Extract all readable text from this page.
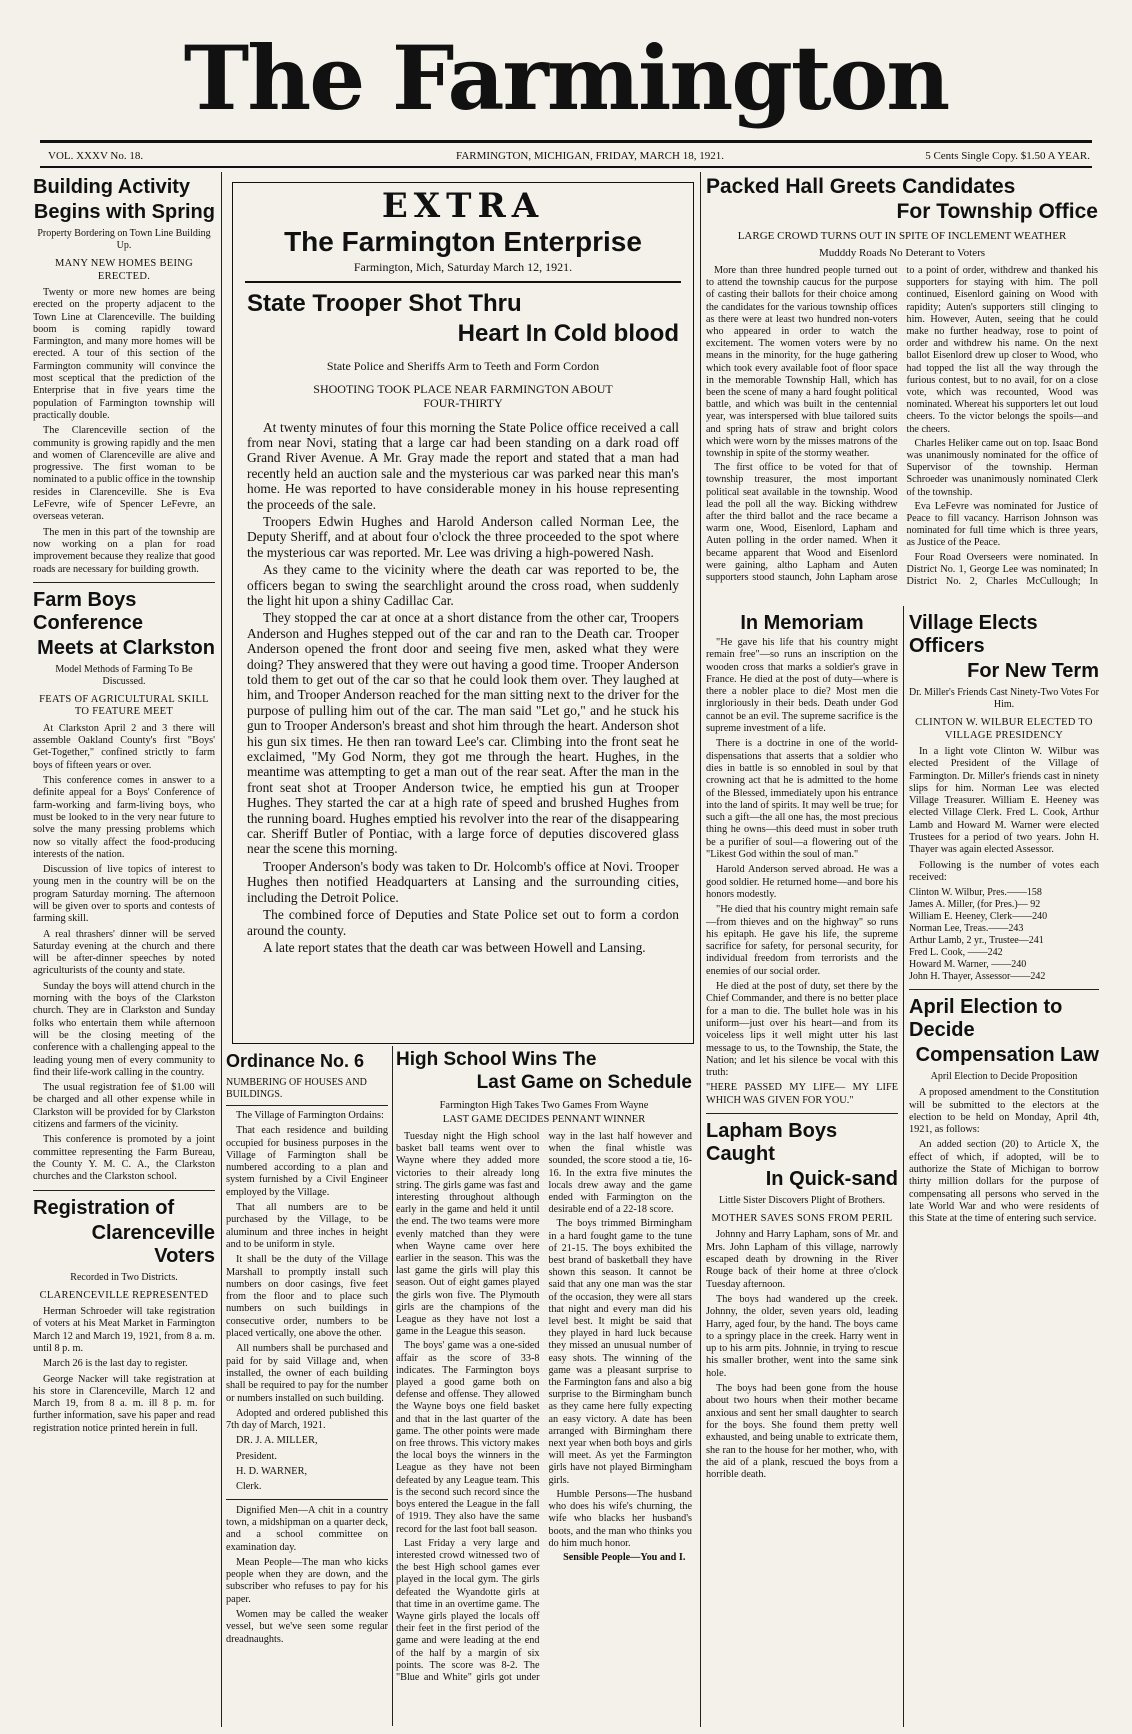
The Farmington
VOL. XXXV No. 18.	FARMINGTON, MICHIGAN, FRIDAY, MARCH 18, 1921.	5 Cents Single Copy. $1.50 A YEAR.
Building Activity
Begins with Spring

Property Bordering on Town Line Building Up.

MANY NEW HOMES BEING ERECTED.

Twenty or more new homes are being erected on the property adjacent to the Town Line at Clarenceville. The building boom is coming rapidly toward Farmington, and many more homes will be erected. A tour of this section of the Farmington community will convince the most sceptical that the prediction of the Enterprise that in five years time the population of Farmington township will practically double.

The Clarenceville section of the community is growing rapidly and the men and women of Clarenceville are alive and progressive. The first woman to be nominated to a public office in the township resides in Clarenceville. She is Eva LeFevre, wife of Spencer LeFevre, an overseas veteran.

The men in this part of the township are now working on a plan for road improvement because they realize that good roads are necessary for building growth.

Farm Boys Conference
Meets at Clarkston

Model Methods of Farming To Be Discussed.

FEATS OF AGRICULTURAL SKILL TO FEATURE MEET

At Clarkston April 2 and 3 there will assemble Oakland County's first "Boys' Get-Together," confined strictly to farm boys of fifteen years or over.

This conference comes in answer to a definite appeal for a Boys' Conference of farm-working and farm-living boys, who must be looked to in the very near future to solve the many pressing problems which now so vitally affect the food-producing interests of the nation.

Discussion of live topics of interest to young men in the country will be on the program Saturday morning. The afternoon will be given over to sports and contests of farming skill.

A real thrashers' dinner will be served Saturday evening at the church and there will be after-dinner speeches by noted agriculturists of the county and state.

Sunday the boys will attend church in the morning with the boys of the Clarkston church. They are in Clarkston and Sunday folks who entertain them while afternoon will be the closing meeting of the conference with a challenging appeal to the leading young men of every community to find their life-work calling in the country.

The usual registration fee of $1.00 will be charged and all other expense while in Clarkston will be provided for by Clarkston citizens and farmers of the vicinity.

This conference is promoted by a joint committee representing the Farm Bureau, the County Y. M. C. A., the Clarkston churches and the Clarkston school.

Registration of
Clarenceville Voters

Recorded in Two Districts.

CLARENCEVILLE REPRESENTED

Herman Schroeder will take registration of voters at his Meat Market in Farmington March 12 and March 19, 1921, from 8 a. m. until 8 p. m.

March 26 is the last day to register.

George Nacker will take registration at his store in Clarenceville, March 12 and March 19, from 8 a. m. ill 8 p. m. for further information, save his paper and read registration notice printed herein in full.

EXTRA
The Farmington Enterprise
Farmington, Mich, Saturday March 12, 1921.
State Trooper Shot Thru
Heart In Cold blood
State Police and Sheriffs Arm to Teeth and Form Cordon
SHOOTING TOOK PLACE NEAR FARMINGTON ABOUT FOUR-THIRTY

At twenty minutes of four this morning the State Police office received a call from near Novi, stating that a large car had been standing on a dark road off Grand River Avenue. A Mr. Gray made the report and stated that a man had recently held an auction sale and the mysterious car was parked near this man's home. He was reported to have considerable money in his house representing the proceeds of the sale.

Troopers Edwin Hughes and Harold Anderson called Norman Lee, the Deputy Sheriff, and at about four o'clock the three proceeded to the spot where the mysterious car was reported. Mr. Lee was driving a high-powered Nash.

As they came to the vicinity where the death car was reported to be, the officers began to swing the searchlight around the cross road, when suddenly the light hit upon a shiny Cadillac Car.

They stopped the car at once at a short distance from the other car, Troopers Anderson and Hughes stepped out of the car and ran to the Death car. Trooper Anderson opened the front door and seeing five men, asked what they were doing? They answered that they were out having a good time. Trooper Anderson told them to get out of the car so that he could look them over. They laughed at him, and Trooper Anderson reached for the man sitting next to the driver for the purpose of pulling him out of the car. The man said "Let go," and he stuck his gun to Trooper Anderson's breast and shot him through the heart. Anderson shot his gun six times. He then ran toward Lee's car. Climbing into the front seat he exclaimed, "My God Norm, they got me through the heart. Hughes, in the meantime was attempting to get a man out of the rear seat. After the man in the front seat shot at Trooper Anderson twice, he emptied his gun at Trooper Hughes. They started the car at a high rate of speed and brushed Hughes from the running board. Hughes emptied his revolver into the rear of the disappearing car. Sheriff Butler of Pontiac, with a large force of deputies discovered glass near the scene this morning.

Trooper Anderson's body was taken to Dr. Holcomb's office at Novi. Trooper Hughes then notified Headquarters at Lansing and the surrounding cities, including the Detroit Police.

The combined force of Deputies and State Police set out to form a cordon around the county.

A late report states that the death car was between Howell and Lansing.

Ordinance No. 6

NUMBERING OF HOUSES AND BUILDINGS.

The Village of Farmington Ordains:

That each residence and building occupied for business purposes in the Village of Farmington shall be numbered according to a plan and system furnished by a Civil Engineer employed by the Village.

That all numbers are to be purchased by the Village, to be aluminum and three inches in height and to be uniform in style.

It shall be the duty of the Village Marshall to promptly install such numbers on door casings, five feet from the floor and to place such numbers on such buildings in consecutive order, numbers to be placed vertically, one above the other.

All numbers shall be purchased and paid for by said Village and, when installed, the owner of each building shall be required to pay for the number or numbers installed on such building.

Adopted and ordered published this 7th day of March, 1921.

DR. J. A. MILLER,

President.

H. D. WARNER,

Clerk.

Dignified Men—A chit in a country town, a midshipman on a quarter deck, and a school committee on examination day.

Mean People—The man who kicks people when they are down, and the subscriber who refuses to pay for his paper.

Women may be called the weaker vessel, but we've seen some regular dreadnaughts.

High School Wins The
Last Game on Schedule
Farmington High Takes Two Games From Wayne
LAST GAME DECIDES PENNANT WINNER

Tuesday night the High school basket ball teams went over to Wayne where they added more victories to their already long string. The girls game was fast and interesting throughout although early in the game and held it until the end. The two teams were more evenly matched than they were when Wayne came over here earlier in the season. This was the last game the girls will play this season. Out of eight games played the girls won five. The Plymouth girls are the champions of the League as they have not lost a game in the League this season.

The boys' game was a one-sided affair as the score of 33-8 indicates. The Farmington boys played a good game both on defense and offense. They allowed the Wayne boys one field basket and that in the last quarter of the game. The other points were made on free throws. This victory makes the local boys the winners in the League as they have not been defeated by any League team. This is the second such record since the boys entered the League in the fall of 1919. They also have the same record for the last foot ball season.

Last Friday a very large and interested crowd witnessed two of the best High school games ever played in the local gym. The girls defeated the Wyandotte girls at that time in an overtime game. The Wayne girls played the locals off their feet in the first period of the game and were leading at the end of the half by a margin of six points. The score was 8-2. The "Blue and White" girls got under way in the last half however and when the final whistle was sounded, the score stood a tie, 16-16. In the extra five minutes the locals drew away and the game ended with Farmington on the desirable end of a 22-18 score.

The boys trimmed Birmingham in a hard fought game to the tune of 21-15. The boys exhibited the best brand of basketball they have shown this season. It cannot be said that any one man was the star of the occasion, they were all stars that night and every man did his level best. It might be said that they played in hard luck because they missed an unusual number of easy shots. The winning of the game was a pleasant surprise to the Farmington fans and also a big surprise to the Birmingham bunch as they came here fully expecting an easy victory. A date has been arranged with Birmingham there next year when both boys and girls will meet. As yet the Farmington girls have not played Birmingham girls.

Humble Persons—The husband who does his wife's churning, the wife who blacks her husband's boots, and the man who thinks you do him much honor.

Sensible People—You and I.

Packed Hall Greets Candidates
For Township Office
LARGE CROWD TURNS OUT IN SPITE OF INCLEMENT WEATHER
Mudddy Roads No Deterant to Voters

More than three hundred people turned out to attend the township caucus for the purpose of casting their ballots for their choice among the candidates for the various township offices as there were at least two hundred non-voters who appeared in order to watch the excitement. The women voters were by no means in the minority, for the huge gathering which took every available foot of floor space in the memorable Township Hall, which has been the scene of many a hard fought political battle, and which was built in the centennial year, was interspersed with blue tailored suits and spring hats of straw and bright colors which were worn by the misses matrons of the township in spite of the stormy weather.

The first office to be voted for that of township treasurer, the most important political seat available in the township. Wood lead the poll all the way. Bicking withdrew after the third ballot and the race became a warm one, Wood, Eisenlord, Lapham and Auten polling in the order named. When it became apparent that Wood and Eisenlord were gaining, altho Lapham and Auten supporters stood staunch, John Lapham arose to a point of order, withdrew and thanked his supporters for staying with him. The poll continued, Eisenlord gaining on Wood with rapidity; Auten's supporters still clinging to him. However, Auten, seeing that he could make no further headway, rose to point of order and withdrew his name. On the next ballot Eisenlord drew up closer to Wood, who had topped the list all the way through the furious contest, but to no avail, for on a close vote, which was recounted, Wood was nominated. Whereat his supporters let out loud cheers. To the victor belongs the spoils—and the cheers.

Charles Heliker came out on top. Isaac Bond was unanimously nominated for the office of Supervisor of the township. Herman Schroeder was unanimously nominated Clerk of the township.

Eva LeFevre was nominated for Justice of Peace to fill vacancy. Harrison Johnson was nominated for full time which is three years, as Justice of the Peace.

Four Road Overseers were nominated. In District No. 1, George Lee was nominated; In District No. 2, Charles McCullough; In

In Memoriam

"He gave his life that his country might remain free"—so runs an inscription on the wooden cross that marks a soldier's grave in France. He died at the post of duty—where is there a nobler place to die? Most men die inrgloriously in their beds. Death under God cannot be an evil. The supreme sacrifice is the supreme investment of a life.

There is a doctrine in one of the world-dispensations that asserts that a soldier who dies in battle is so ennobled in soul by that crowning act that he is admitted to the home of the Blessed, immediately upon his entrance into the land of spirits. It may well be true; for such a gift—the all one has, the most precious thing he owns—this deed must in sober truth be a purifier of soul—a flowering out of the "Likest God within the soul of man."

Harold Anderson served abroad. He was a good soldier. He returned home—and bore his honors modestly.

"He died that his country might remain safe—from thieves and on the highway" so runs his epitaph. He gave his life, the supreme sacrifice for safety, for personal security, for individual freedom from terrorists and the enemies of our social order.

He died at the post of duty, set there by the Chief Commander, and there is no better place for a man to die. The bullet hole was in his uniform—just over his heart—and from its voiceless lips it well might utter his last message to us, to the Township, the State, the Nation; and let his silence be vocal with this truth:

"HERE PASSED MY LIFE— MY LIFE WHICH WAS GIVEN FOR YOU."

Lapham Boys Caught
In Quick-sand

Little Sister Discovers Plight of Brothers.

MOTHER SAVES SONS FROM PERIL

Johnny and Harry Lapham, sons of Mr. and Mrs. John Lapham of this village, narrowly escaped death by drowning in the River Rouge back of their home at three o'clock Tuesday afternoon.

The boys had wandered up the creek. Johnny, the older, seven years old, leading Harry, aged four, by the hand. The boys came to a springy place in the creek. Harry went in up to his arm pits. Johnnie, in trying to rescue his smaller brother, went into the same sink hole.

The boys had been gone from the house about two hours when their mother became anxious and sent her small daughter to search for the boys. She found them pretty well exhausted, and being unable to extricate them, she ran to the house for her mother, who, with the aid of a plank, rescued the boys from a horrible death.

Village Elects Officers
For New Term

Dr. Miller's Friends Cast Ninety-Two Votes For Him.

CLINTON W. WILBUR ELECTED TO VILLAGE PRESIDENCY

In a light vote Clinton W. Wilbur was elected President of the Village of Farmington. Dr. Miller's friends cast in ninety slips for him. Norman Lee was elected Village Treasurer. William E. Heeney was elected Village Clerk. Fred L. Cook, Arthur Lamb and Howard M. Warner were elected Trustees for a period of two years. John H. Thayer was again elected Assessor.

Following is the number of votes each received:

Clinton W. Wilbur, Pres.——158
James A. Miller, (for Pres.)— 92
William E. Heeney, Clerk——240
Norman Lee, Treas.——243
Arthur Lamb, 2 yr., Trustee—241
Fred L. Cook, ——242
Howard M. Warner, ——240
John H. Thayer, Assessor——242
April Election to Decide
Compensation Law

April Election to Decide Proposition

A proposed amendment to the Constitution will be submitted to the electors at the election to be held on Monday, April 4th, 1921, as follows:

An added section (20) to Article X, the effect of which, if adopted, will be to authorize the State of Michigan to borrow thirty million dollars for the purpose of compensating all persons who served in the late World War and who were residents of this State at the time of entering such service.
